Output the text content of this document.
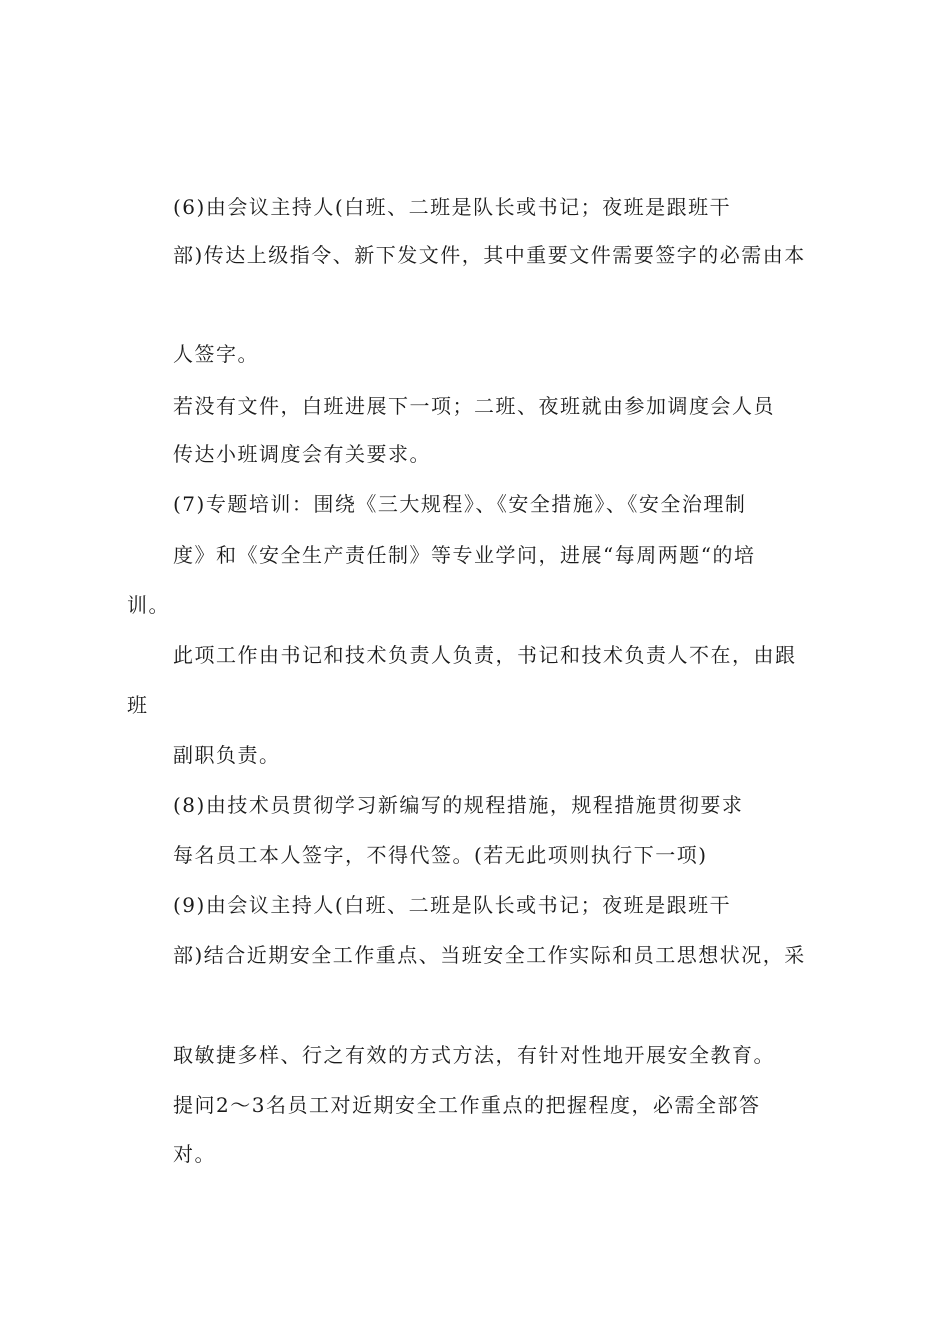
(6)由会议主持人(白班、二班是队长或书记；夜班是跟班干
部)传达上级指令、新下发文件，其中重要文件需要签字的必需由本
人签字。
若没有文件，白班进展下一项；二班、夜班就由参加调度会人员
传达小班调度会有关要求。
(7)专题培训：围绕《三大规程》、《安全措施》、《安全治理制
度》和《安全生产责任制》等专业学问，进展“每周两题“的培
训。
此项工作由书记和技术负责人负责，书记和技术负责人不在，由跟
班
副职负责。
(8)由技术员贯彻学习新编写的规程措施，规程措施贯彻要求
每名员工本人签字，不得代签。(若无此项则执行下一项)
(9)由会议主持人(白班、二班是队长或书记；夜班是跟班干
部)结合近期安全工作重点、当班安全工作实际和员工思想状况，采
取敏捷多样、行之有效的方式方法，有针对性地开展安全教育。
提问2～3名员工对近期安全工作重点的把握程度，必需全部答
对。
